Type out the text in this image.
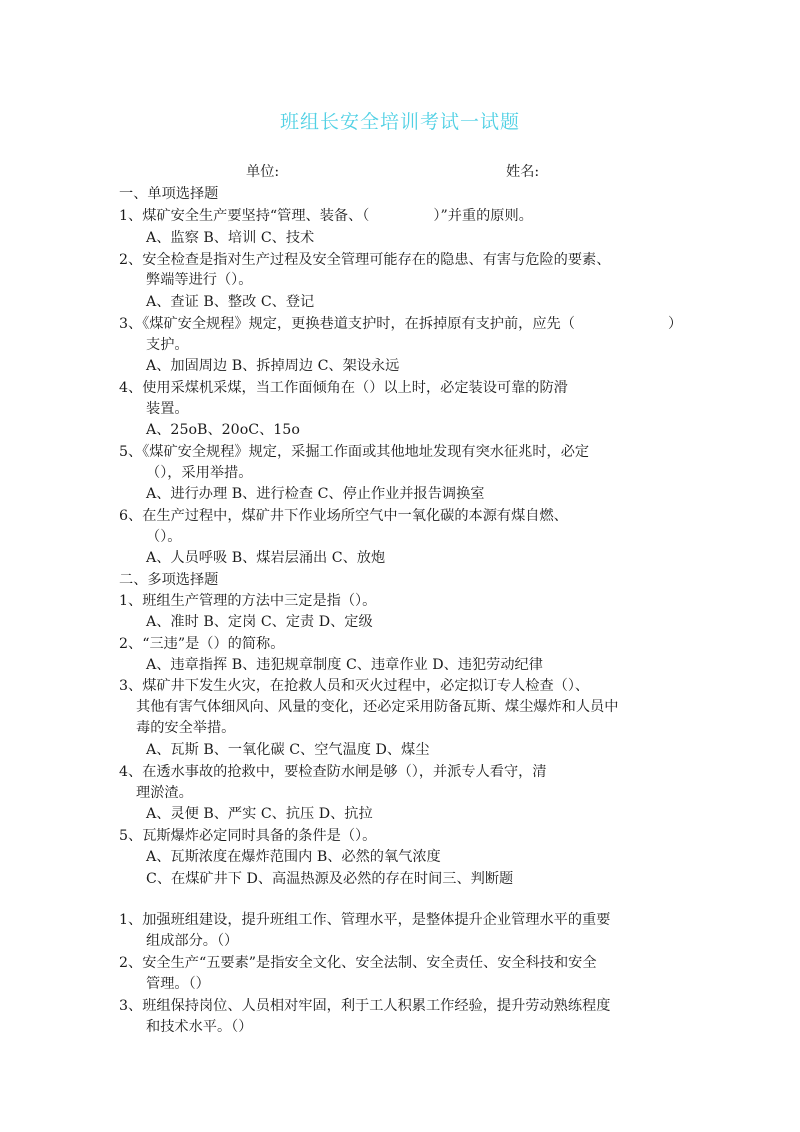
班组长安全培训考试一试题
单位:	姓名:
一、单项选择题
1、煤矿安全生产要坚持“管理、装备、（	）”并重的原则。
A、监察 B、培训 C、技术
2、安全检查是指对生产过程及安全管理可能存在的隐患、有害与危险的要素、
弊端等进行（）。
A、查证 B、整改 C、登记
3、《煤矿安全规程》规定，更换巷道支护时，在拆掉原有支护前，应先（	）
支护。
A、加固周边 B、拆掉周边 C、架设永远
4、使用采煤机采煤，当工作面倾角在（）以上时，必定装设可靠的防滑
装置。
A、25oB、20oC、15o
5、《煤矿安全规程》规定，采掘工作面或其他地址发现有突水征兆时，必定
（），采用举措。
A、进行办理 B、进行检查 C、停止作业并报告调换室
6、在生产过程中，煤矿井下作业场所空气中一氧化碳的本源有煤自燃、
（）。
A、人员呼吸 B、煤岩层涌出 C、放炮
二、多项选择题
1、班组生产管理的方法中三定是指（）。
A、准时 B、定岗 C、定责 D、定级
2、“三违”是（）的简称。
A、违章指挥 B、违犯规章制度 C、违章作业 D、违犯劳动纪律
3、煤矿井下发生火灾，在抢救人员和灭火过程中，必定拟订专人检查（）、
其他有害气体细风向、风量的变化，还必定采用防备瓦斯、煤尘爆炸和人员中
毒的安全举措。
A、瓦斯 B、一氧化碳 C、空气温度 D、煤尘
4、在透水事故的抢救中，要检查防水闸是够（），并派专人看守，清
理淤渣。
A、灵便 B、严实 C、抗压 D、抗拉
5、瓦斯爆炸必定同时具备的条件是（）。
A、瓦斯浓度在爆炸范围内 B、必然的氧气浓度
C、在煤矿井下 D、高温热源及必然的存在时间三、判断题
1、加强班组建设，提升班组工作、管理水平，是整体提升企业管理水平的重要
组成部分。（）
2、安全生产“五要素”是指安全文化、安全法制、安全责任、安全科技和安全
管理。（）
3、班组保持岗位、人员相对牢固，利于工人积累工作经验，提升劳动熟练程度
和技术水平。（）
